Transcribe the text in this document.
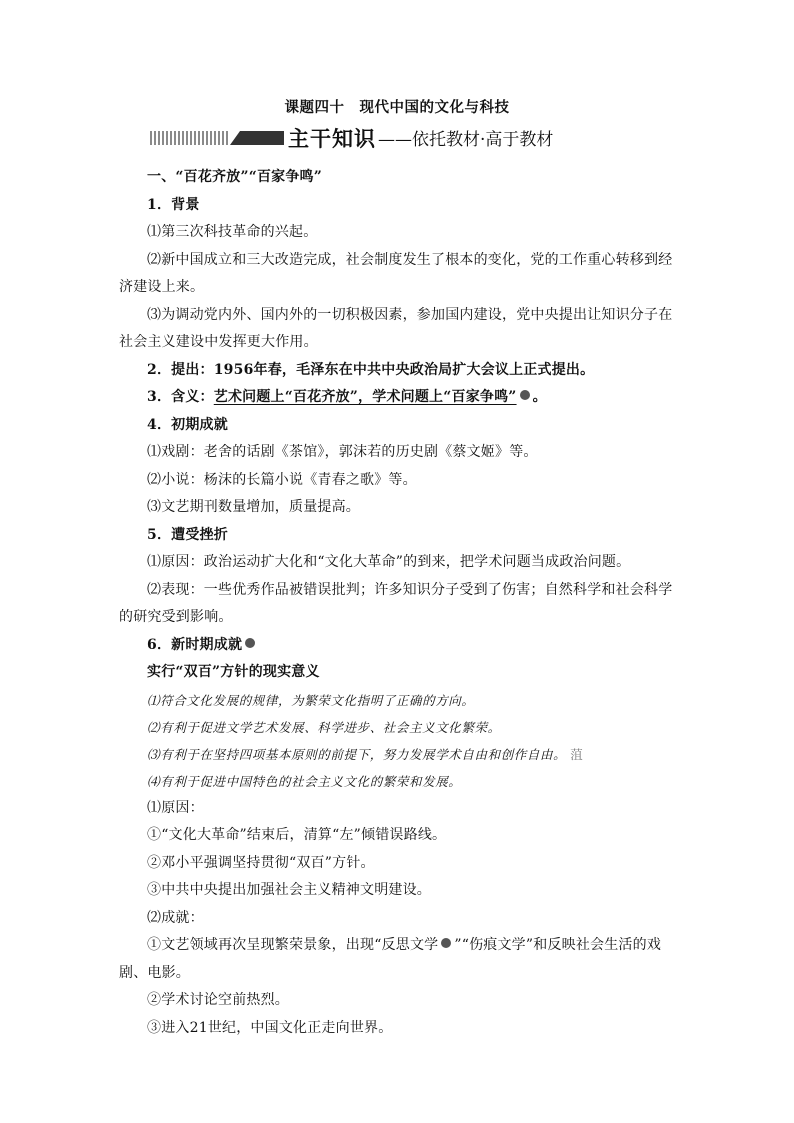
课题四十　现代中国的文化与科技
主干知识 ——依托教材·高于教材

一、“百花齐放”“百家争鸣”

1．背景

⑴第三次科技革命的兴起。

⑵新中国成立和三大改造完成，社会制度发生了根本的变化，党的工作重心转移到经济建设上来。

⑶为调动党内外、国内外的一切积极因素，参加国内建设，党中央提出让知识分子在社会主义建设中发挥更大作用。

2．提出：1956年春，毛泽东在中共中央政治局扩大会议上正式提出。

3．含义：艺术问题上“百花齐放”，学术问题上“百家争鸣” 。

4．初期成就

⑴戏剧：老舍的话剧《茶馆》，郭沫若的历史剧《蔡文姬》等。

⑵小说：杨沫的长篇小说《青春之歌》等。

⑶文艺期刊数量增加，质量提高。

5．遭受挫折

⑴原因：政治运动扩大化和“文化大革命”的到来，把学术问题当成政治问题。

⑵表现：一些优秀作品被错误批判；许多知识分子受到了伤害；自然科学和社会科学的研究受到影响。

6．新时期成就

实行“双百”方针的现实意义

⑴符合文化发展的规律，为繁荣文化指明了正确的方向。

⑵有利于促进文学艺术发展、科学进步、社会主义文化繁荣。

⑶有利于在坚持四项基本原则的前提下，努力发展学术自由和创作自由。 菹

⑷有利于促进中国特色的社会主义文化的繁荣和发展。

⑴原因：

①“文化大革命”结束后，清算“左”倾错误路线。

②邓小平强调坚持贯彻“双百”方针。

③中共中央提出加强社会主义精神文明建设。

⑵成就：

①文艺领域再次呈现繁荣景象，出现“反思文学 ”“伤痕文学”和反映社会生活的戏剧、电影。

②学术讨论空前热烈。

③进入21世纪，中国文化正走向世界。
